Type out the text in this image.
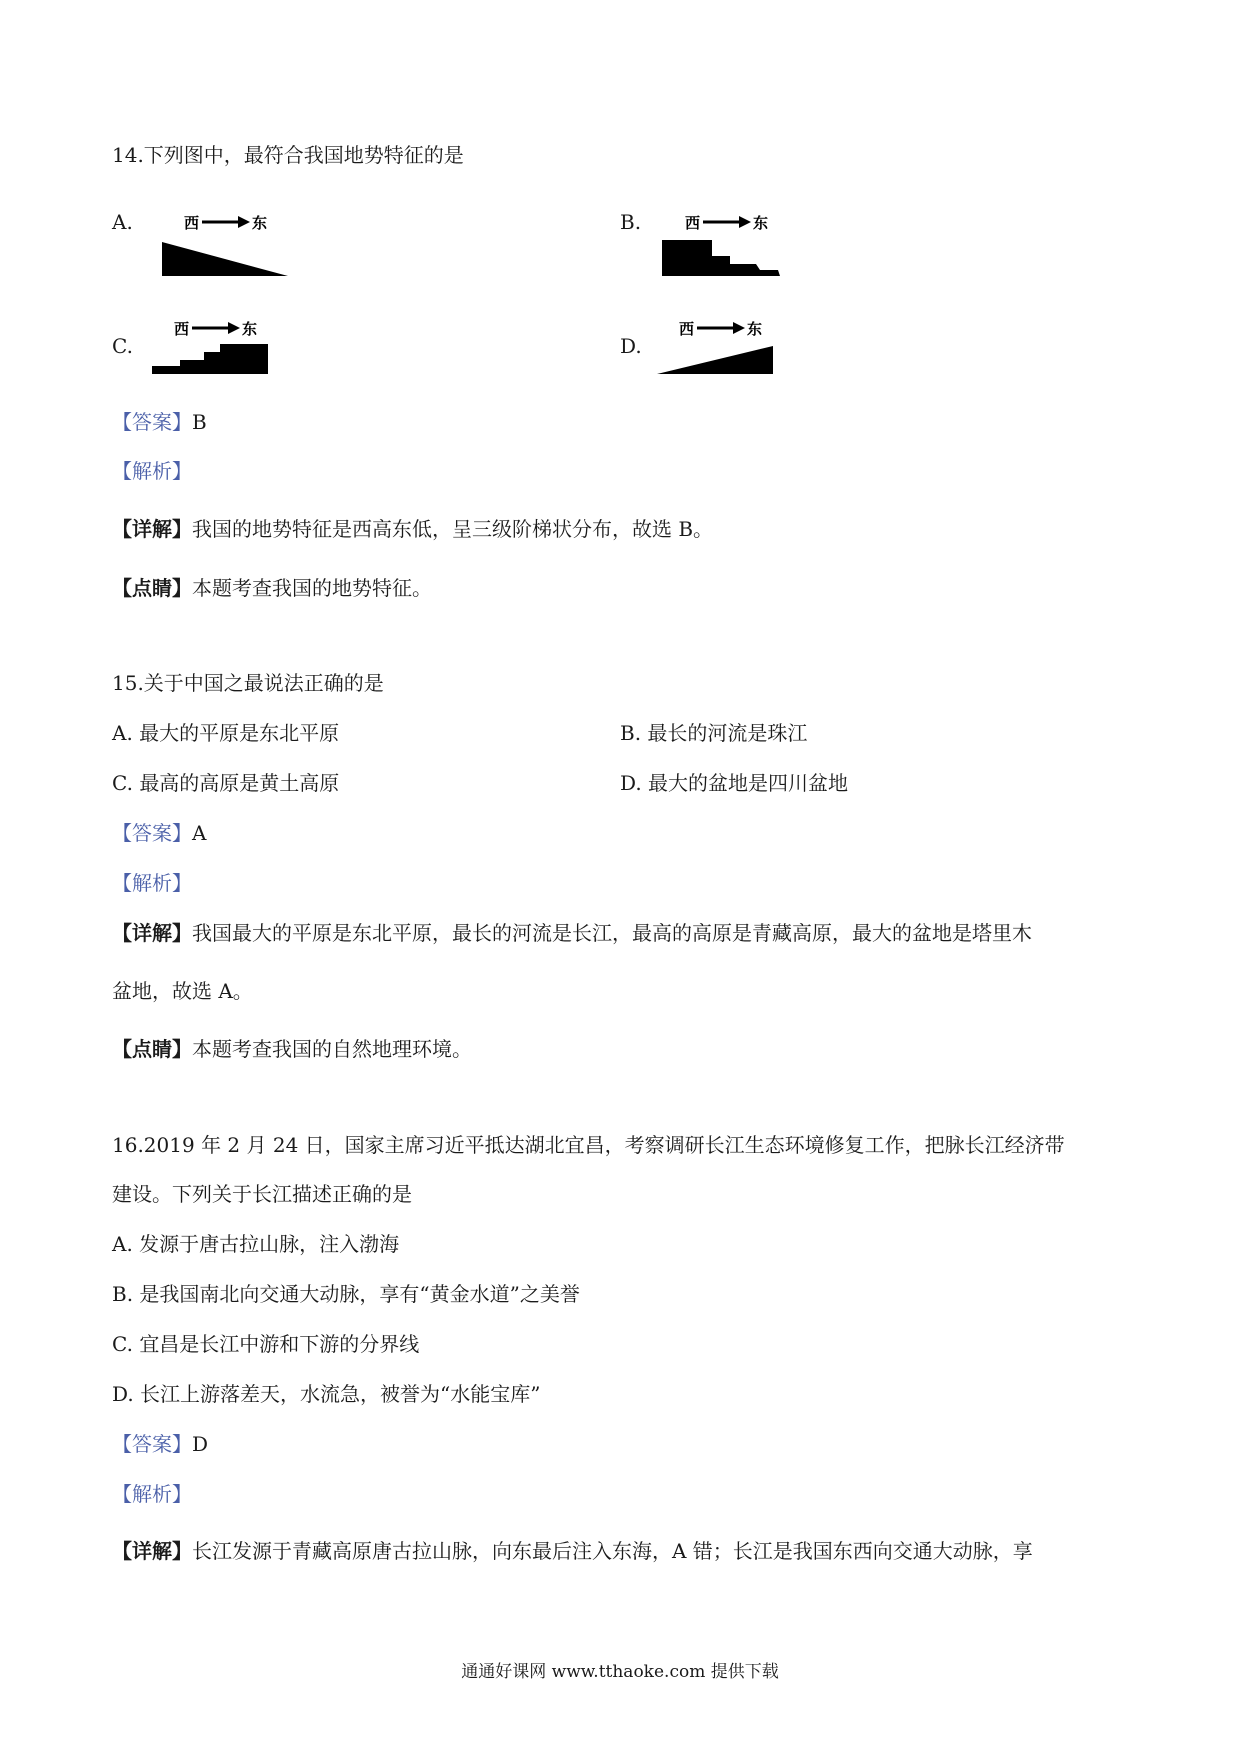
14.下列图中，最符合我国地势特征的是
A.	西	东	B.	西	东
C.
西	东
D.
西	东
【答案】B
【解析】
【详解】我国的地势特征是西高东低，呈三级阶梯状分布，故选 B。
【点睛】本题考查我国的地势特征。
15.关于中国之最说法正确的是
A. 最大的平原是东北平原	B. 最长的河流是珠江
C. 最高的高原是黄土高原	D. 最大的盆地是四川盆地
【答案】A
【解析】
【详解】我国最大的平原是东北平原，最长的河流是长江，最高的高原是青藏高原，最大的盆地是塔里木
盆地，故选 A。
【点睛】本题考查我国的自然地理环境。
16.2019 年 2 月 24 日，国家主席习近平抵达湖北宜昌，考察调研长江生态环境修复工作，把脉长江经济带
建设。下列关于长江描述正确的是
A. 发源于唐古拉山脉，注入渤海
B. 是我国南北向交通大动脉，享有“黄金水道”之美誉
C. 宜昌是长江中游和下游的分界线
D. 长江上游落差天，水流急，被誉为“水能宝库”
【答案】D
【解析】
【详解】长江发源于青藏高原唐古拉山脉，向东最后注入东海，A 错；长江是我国东西向交通大动脉，享
通通好课网 www.tthaoke.com 提供下载
